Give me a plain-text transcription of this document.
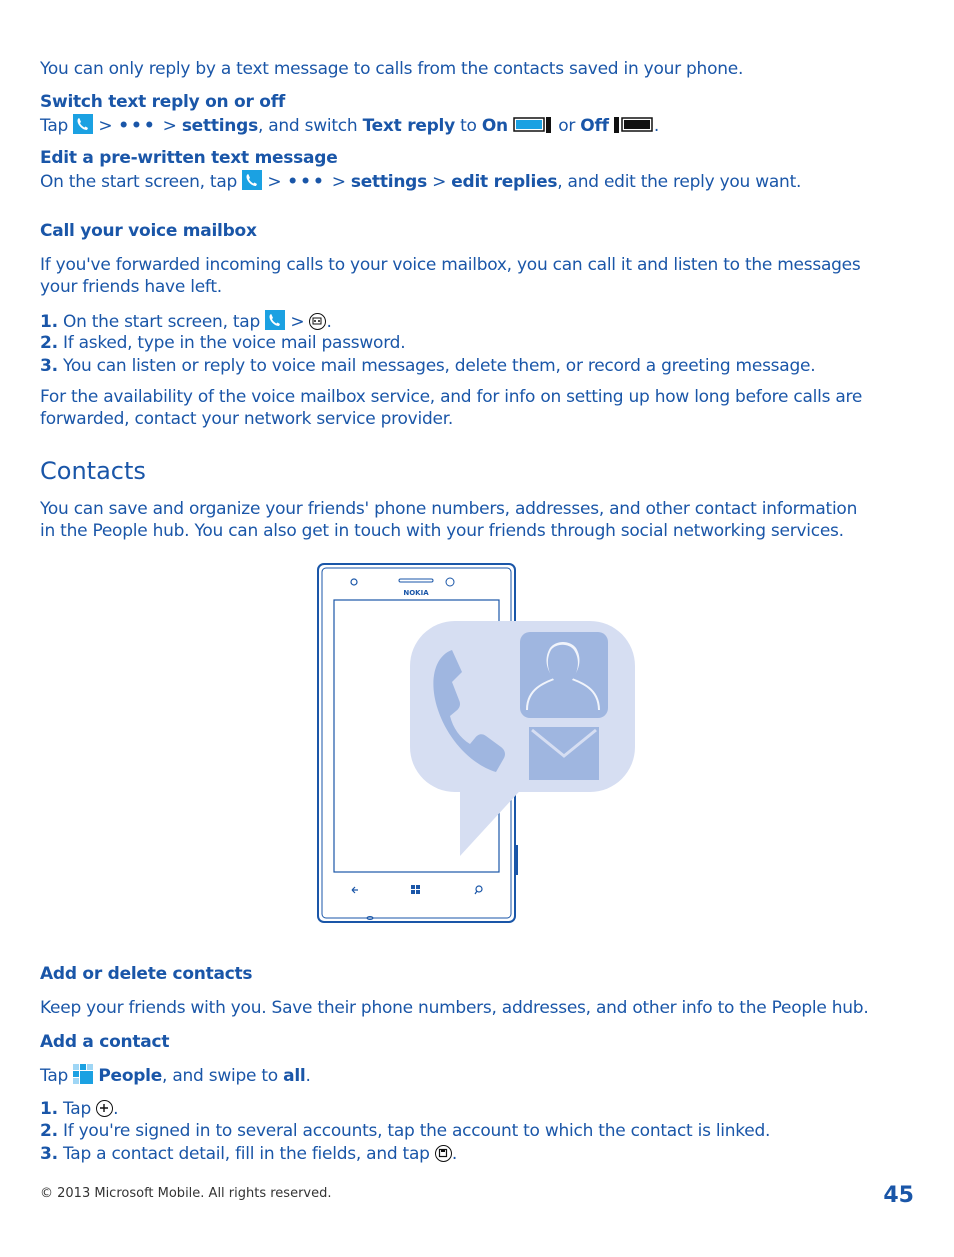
You can only reply by a text message to calls from the contacts saved in your phone.
Switch text reply on or off
Tap > ••• > settings, and switch Text reply to On	or Off	.
Edit a pre-written text message
On the start screen, tap > ••• > settings > edit replies, and edit the reply you want.
Call your voice mailbox
If you've forwarded incoming calls to your voice mailbox, you can call it and listen to the messages
your friends have left.
1. On the start screen, tap > .
2. If asked, type in the voice mail password.
3. You can listen or reply to voice mail messages, delete them, or record a greeting message.
For the availability of the voice mailbox service, and for info on setting up how long before calls are
forwarded, contact your network service provider.
Contacts
You can save and organize your friends' phone numbers, addresses, and other contact information
in the People hub. You can also get in touch with your friends through social networking services.
NOKIA
Add or delete contacts
Keep your friends with you. Save their phone numbers, addresses, and other info to the People hub.
Add a contact
Tap People, and swipe to all.
1. Tap .
2. If you're signed in to several accounts, tap the account to which the contact is linked.
3. Tap a contact detail, fill in the fields, and tap .
© 2013 Microsoft Mobile. All rights reserved.	45
